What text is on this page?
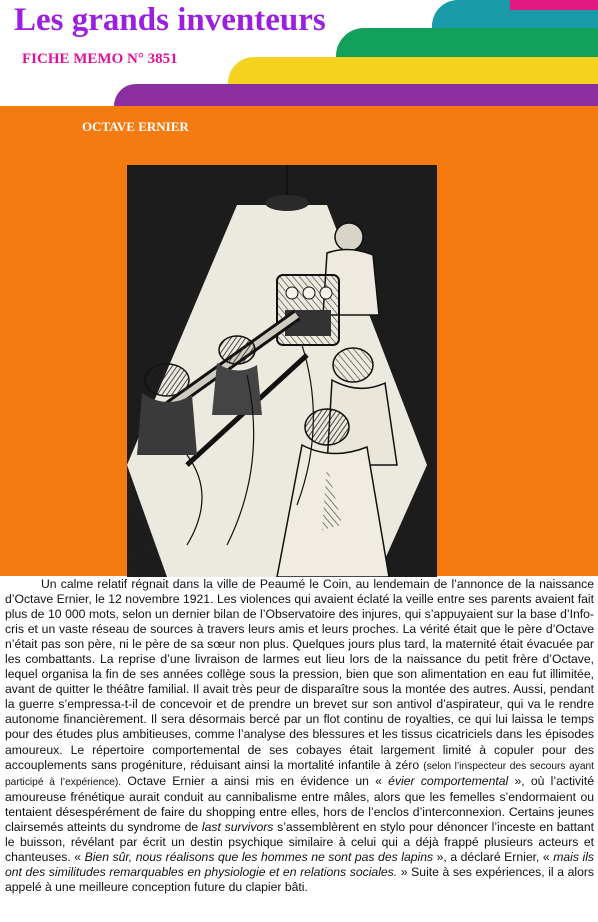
Les grands inventeurs
FICHE MEMO N° 3851
OCTAVE ERNIER

Un calme relatif régnait dans la ville de Peaumé le Coin, au lendemain de l’annonce de la naissance d’Octave Ernier, le 12 novembre 1921. Les violences qui avaient éclaté la veille entre ses parents avaient fait plus de 10 000 mots, selon un dernier bilan de l’Observatoire des injures, qui s’appuyaient sur la base d’Info-cris et un vaste réseau de sources à travers leurs amis et leurs proches. La vérité était que le père d’Octave n’était pas son père, ni le père de sa sœur non plus. Quelques jours plus tard, la maternité était évacuée par les combattants. La reprise d’une livraison de larmes eut lieu lors de la naissance du petit frère d’Octave, lequel organisa la fin de ses années collège sous la pression, bien que son alimentation en eau fut illimitée, avant de quitter le théâtre familial. Il avait très peur de disparaître sous la montée des autres. Aussi, pendant la guerre s’empressa-t-il de concevoir et de prendre un brevet sur son antivol d’aspirateur, qui va le rendre autonome financièrement. Il sera désormais bercé par un flot continu de royalties, ce qui lui laissa le temps pour des études plus ambitieuses, comme l’analyse des blessures et les tissus cicatriciels dans les épisodes amoureux. Le répertoire comportemental de ses cobayes était largement limité à copuler pour des accouplements sans progéniture, réduisant ainsi la mortalité infantile à zéro (selon l’inspecteur des secours ayant participé à l’expérience). Octave Ernier a ainsi mis en évidence un « évier comportemental », où l’activité amoureuse frénétique aurait conduit au cannibalisme entre mâles, alors que les femelles s’endormaient ou tentaient désespérément de faire du shopping entre elles, hors de l’enclos d’interconnexion. Certains jeunes clairsemés atteints du syndrome de last survivors s’assemblèrent en stylo pour dénoncer l’inceste en battant le buisson, révélant par écrit un destin psychique similaire à celui qui a déjà frappé plusieurs acteurs et chanteuses. « Bien sûr, nous réalisons que les hommes ne sont pas des lapins », a déclaré Ernier, « mais ils ont des similitudes remarquables en physiologie et en relations sociales. » Suite à ses expériences, il a alors appelé à une meilleure conception future du clapier bâti.
